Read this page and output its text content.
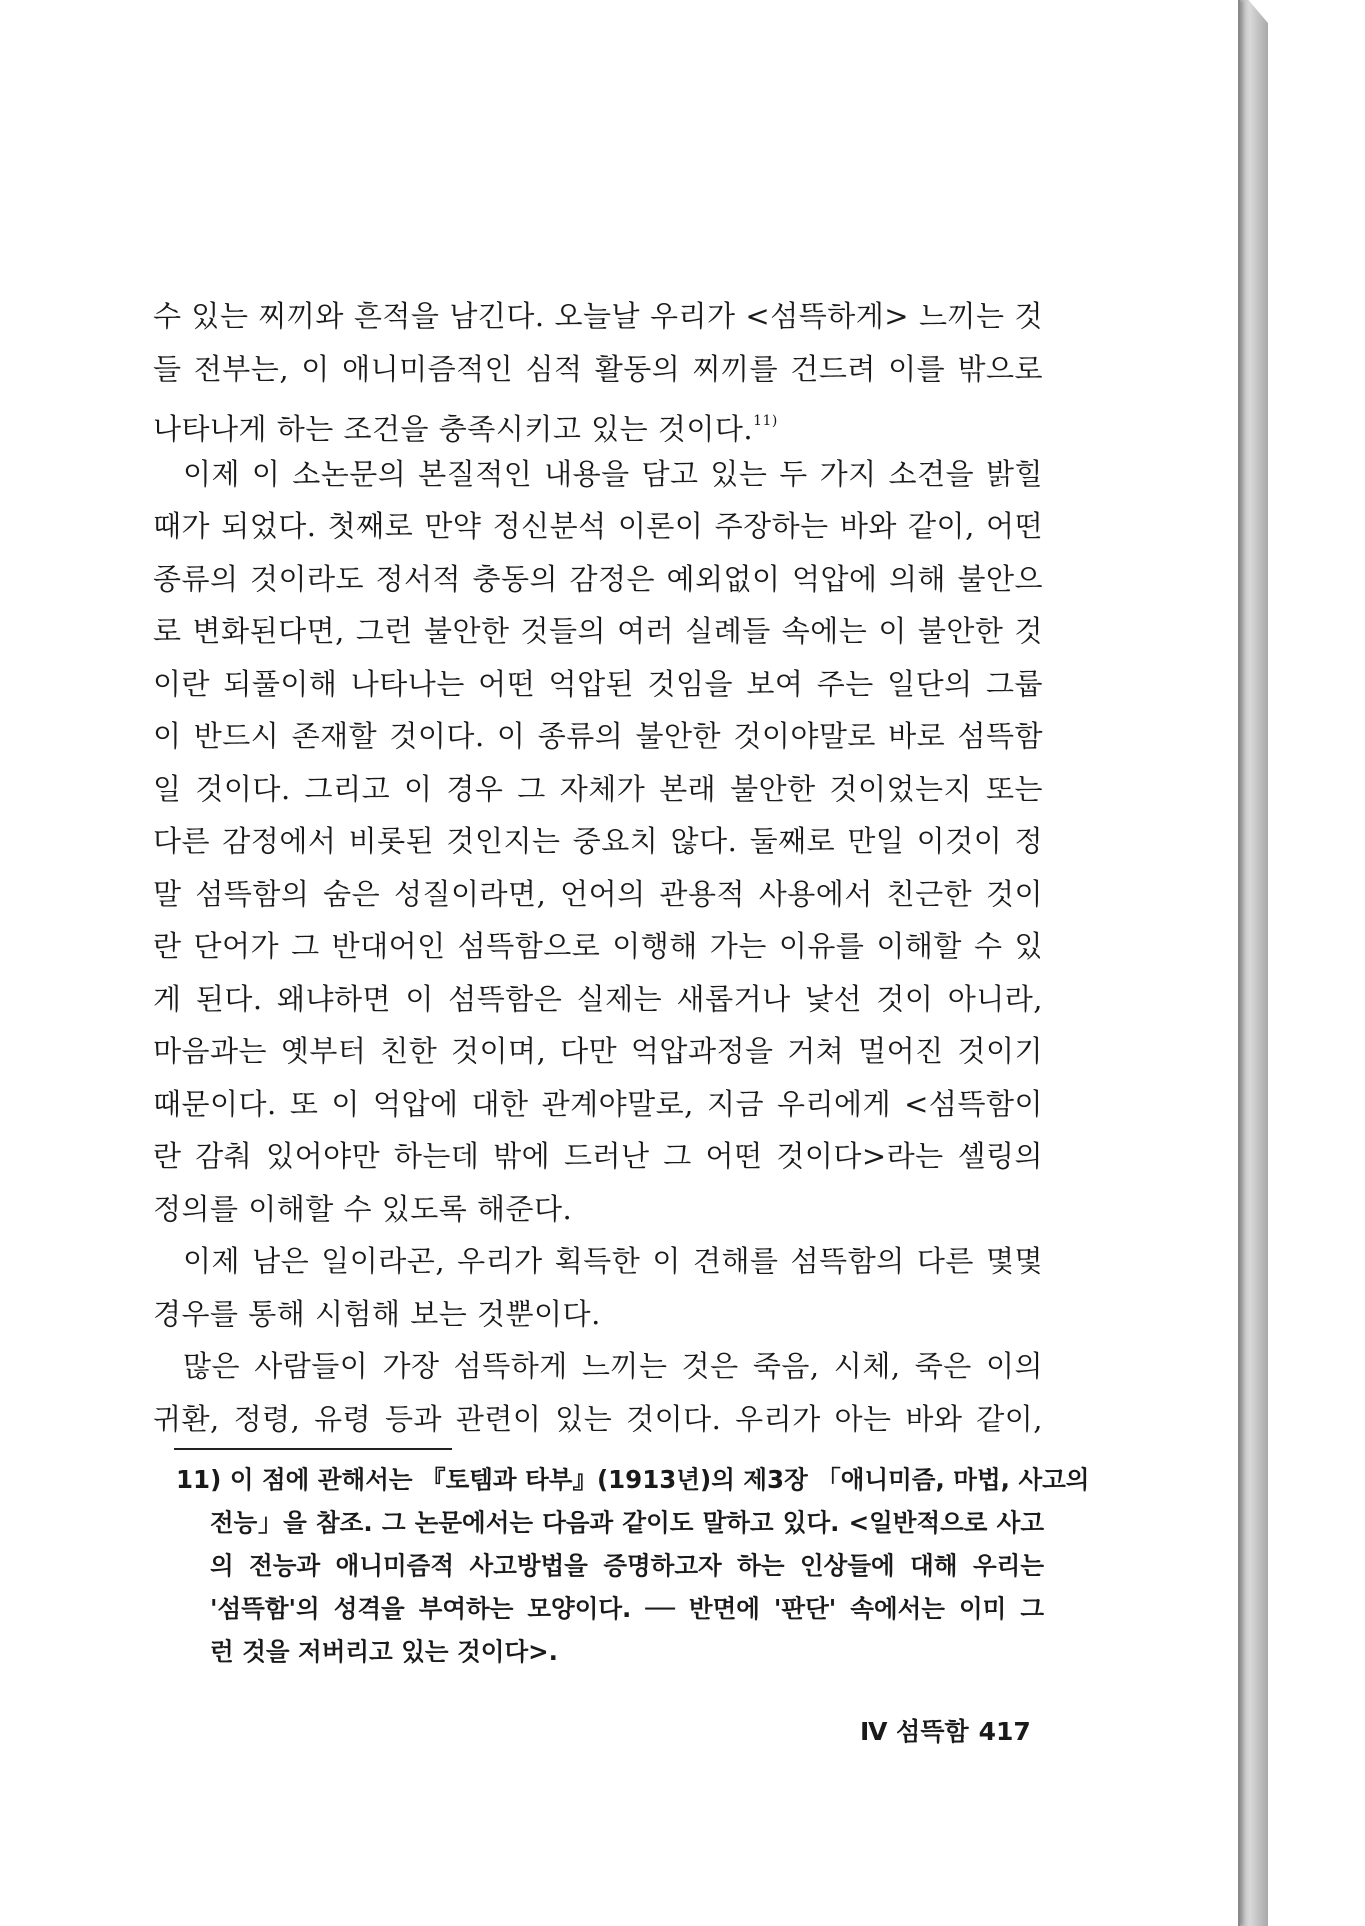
수 있는 찌끼와 흔적을 남긴다. 오늘날 우리가 <섬뜩하게> 느끼는 것
들 전부는, 이 애니미즘적인 심적 활동의 찌끼를 건드려 이를 밖으로
나타나게 하는 조건을 충족시키고 있는 것이다.$^{11)}$
이제 이 소논문의 본질적인 내용을 담고 있는 두 가지 소견을 밝힐
때가 되었다. 첫째로 만약 정신분석 이론이 주장하는 바와 같이, 어떤
종류의 것이라도 정서적 충동의 감정은 예외없이 억압에 의해 불안으
로 변화된다면, 그런 불안한 것들의 여러 실례들 속에는 이 불안한 것
이란 되풀이해 나타나는 어떤 억압된 것임을 보여 주는 일단의 그룹
이 반드시 존재할 것이다. 이 종류의 불안한 것이야말로 바로 섬뜩함
일 것이다. 그리고 이 경우 그 자체가 본래 불안한 것이었는지 또는
다른 감정에서 비롯된 것인지는 중요치 않다. 둘째로 만일 이것이 정
말 섬뜩함의 숨은 성질이라면, 언어의 관용적 사용에서 친근한 것이
란 단어가 그 반대어인 섬뜩함으로 이행해 가는 이유를 이해할 수 있
게 된다. 왜냐하면 이 섬뜩함은 실제는 새롭거나 낯선 것이 아니라,
마음과는 옛부터 친한 것이며, 다만 억압과정을 거쳐 멀어진 것이기
때문이다. 또 이 억압에 대한 관계야말로, 지금 우리에게 <섬뜩함이
란 감춰 있어야만 하는데 밖에 드러난 그 어떤 것이다>라는 셸링의
정의를 이해할 수 있도록 해준다.
이제 남은 일이라곤, 우리가 획득한 이 견해를 섬뜩함의 다른 몇몇
경우를 통해 시험해 보는 것뿐이다.
많은 사람들이 가장 섬뜩하게 느끼는 것은 죽음, 시체, 죽은 이의
귀환, 정령, 유령 등과 관련이 있는 것이다. 우리가 아는 바와 같이,
11) 이 점에 관해서는 『토템과 타부』(1913년)의 제3장 「애니미즘, 마법, 사고의
전능」을 참조. 그 논문에서는 다음과 같이도 말하고 있다. <일반적으로 사고
의 전능과 애니미즘적 사고방법을 증명하고자 하는 인상들에 대해 우리는
'섬뜩함'의 성격을 부여하는 모양이다. ── 반면에 '판단' 속에서는 이미 그
런 것을 저버리고 있는 것이다>.
Ⅳ 섬뜩함 417
